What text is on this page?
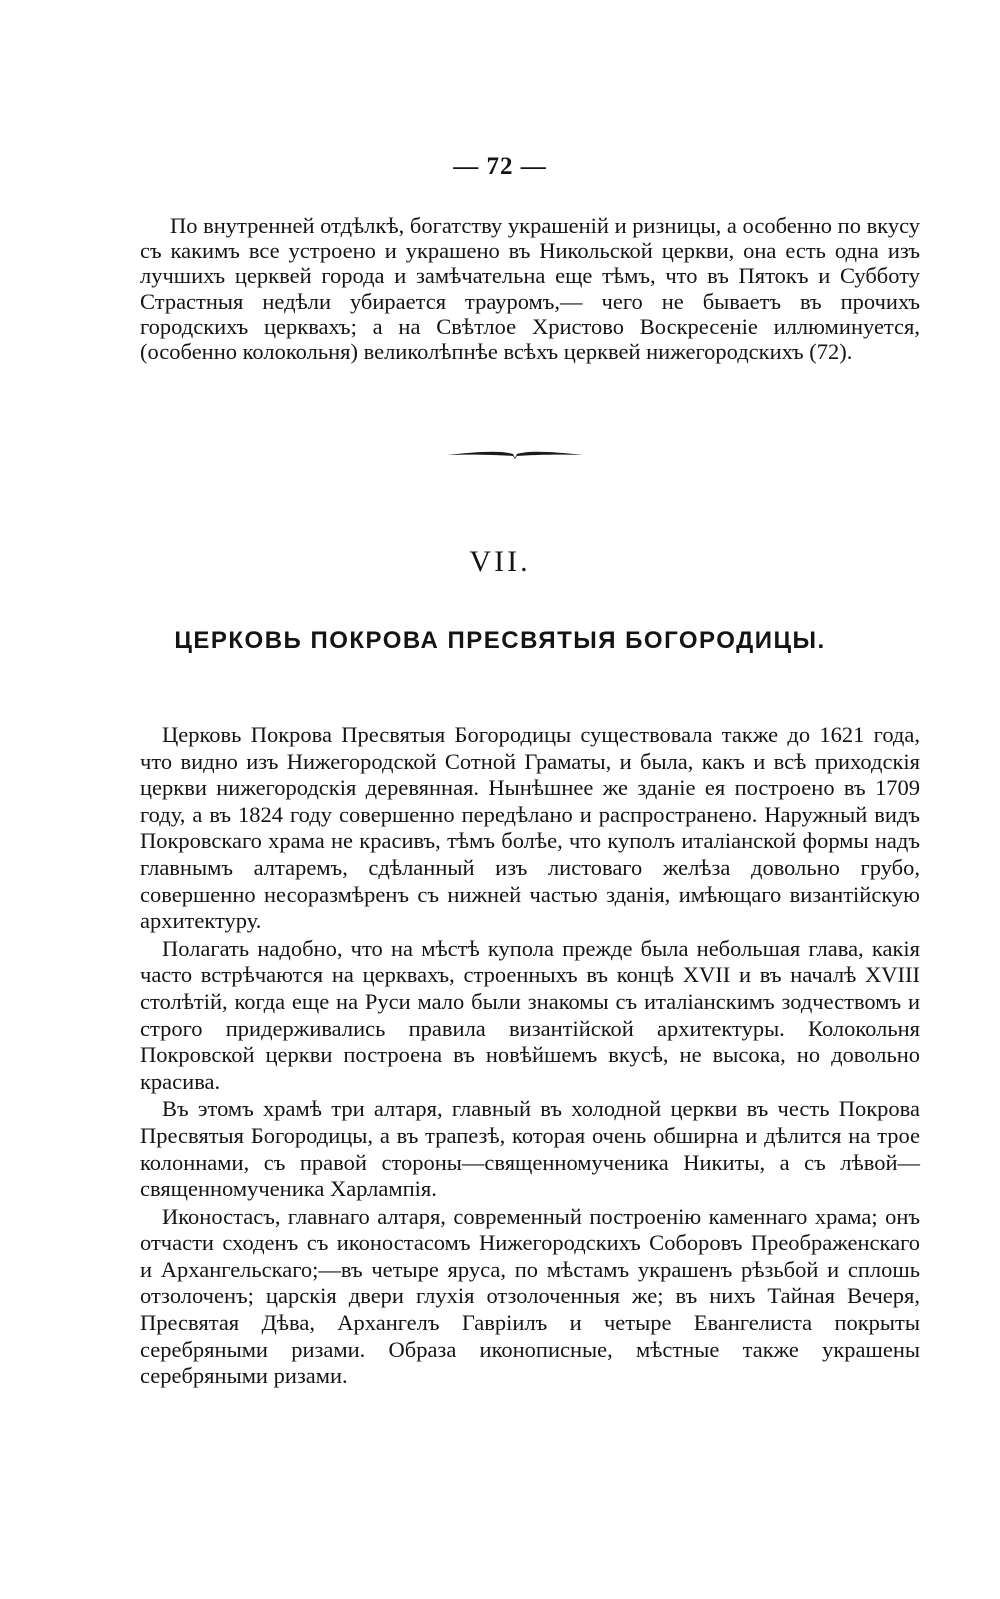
— 72 —

По внутренней отдѣлкѣ, богатству украшеній и ризницы, а особенно по вкусу съ какимъ все устроено и украшено въ Никольской церкви, она есть одна изъ лучшихъ церквей города и замѣчательна еще тѣмъ, что въ Пятокъ и Субботу Страстныя недѣли убирается трауромъ,— чего не бываетъ въ прочихъ городскихъ церквахъ; а на Свѣтлое Христово Воскресеніе иллюминуется, (особенно колокольня) великолѣпнѣе всѣхъ церквей нижегородскихъ (72).

VII.
ЦЕРКОВЬ ПОКРОВА ПРЕСВЯТЫЯ БОГОРОДИЦЫ.

Церковь Покрова Пресвятыя Богородицы существовала также до 1621 года, что видно изъ Нижегородской Сотной Граматы, и была, какъ и всѣ приходскія церкви нижегородскія деревянная. Нынѣшнее же зданіе ея построено въ 1709 году, а въ 1824 году совершенно передѣлано и распространено. Наружный видъ Покровскаго храма не красивъ, тѣмъ болѣе, что куполъ италіанской формы надъ главнымъ алтаремъ, сдѣланный изъ листоваго желѣза довольно грубо, совершенно несоразмѣренъ съ нижней частью зданія, имѣющаго византійскую архитектуру.

Полагать надобно, что на мѣстѣ купола прежде была небольшая глава, какія часто встрѣчаются на церквахъ, строенныхъ въ концѣ XVII и въ началѣ XVIII столѣтій, когда еще на Руси мало были знакомы съ италіанскимъ зодчествомъ и строго придерживались правила византійской архитектуры. Колокольня Покровской церкви построена въ новѣйшемъ вкусѣ, не высока, но довольно красива.

Въ этомъ храмѣ три алтаря, главный въ холодной церкви въ честь Покрова Пресвятыя Богородицы, а въ трапезѣ, которая очень обширна и дѣлится на трое колоннами, съ правой стороны—священномученика Никиты, а съ лѣвой—священномученика Харлампія.

Иконостасъ, главнаго алтаря, современный построенію каменнаго храма; онъ отчасти сходенъ съ иконостасомъ Нижегородскихъ Соборовъ Преображенскаго и Архангельскаго;—въ четыре яруса, по мѣстамъ украшенъ рѣзьбой и сплошь отзолоченъ; царскія двери глухія отзолоченныя же; въ нихъ Тайная Вечеря, Пресвятая Дѣва, Архангелъ Гавріилъ и четыре Евангелиста покрыты серебряными ризами. Образа иконописные, мѣстные также украшены серебряными ризами.
